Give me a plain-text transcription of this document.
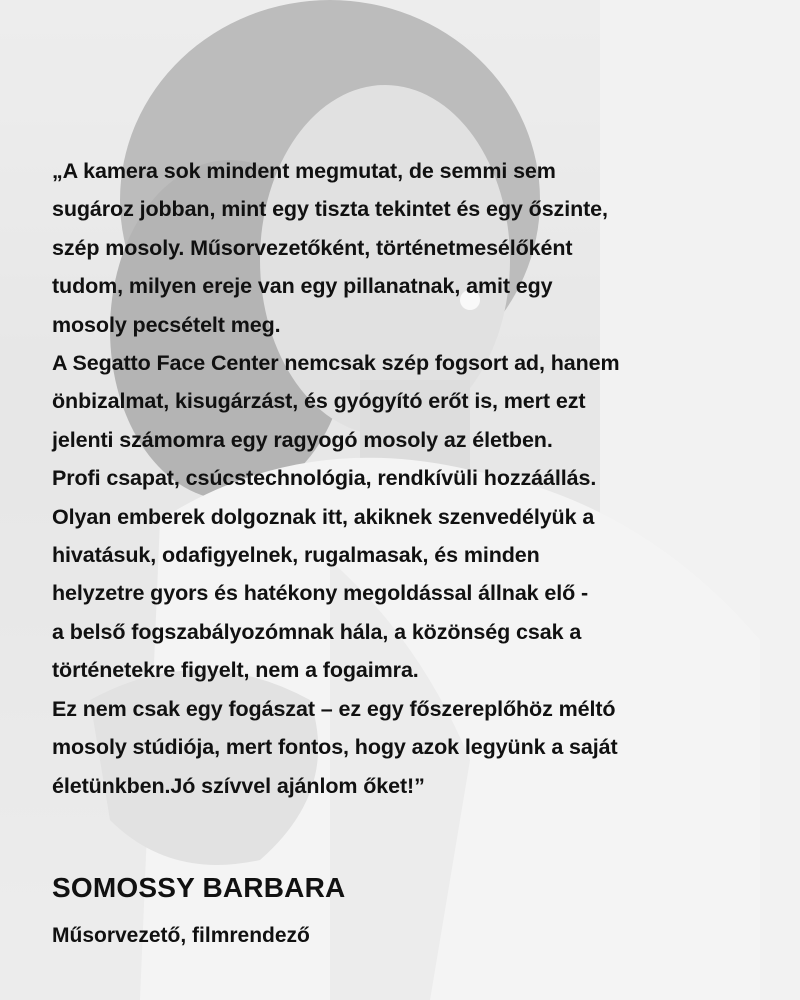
„A kamera sok mindent megmutat, de semmi sem
sugároz jobban, mint egy tiszta tekintet és egy őszinte,
szép mosoly. Műsorvezetőként, történetmesélőként
tudom, milyen ereje van egy pillanatnak, amit egy
mosoly pecsételt meg.
A Segatto Face Center nemcsak szép fogsort ad, hanem
önbizalmat, kisugárzást, és gyógyító erőt is, mert ezt
jelenti számomra egy ragyogó mosoly az életben.
Profi csapat, csúcstechnológia, rendkívüli hozzáállás.
Olyan emberek dolgoznak itt, akiknek szenvedélyük a
hivatásuk, odafigyelnek, rugalmasak, és minden
helyzetre gyors és hatékony megoldással állnak elő -
a belső fogszabályozómnak hála, a közönség csak a
történetekre figyelt, nem a fogaimra.
Ez nem csak egy fogászat – ez egy főszereplőhöz méltó
mosoly stúdiója, mert fontos, hogy azok legyünk a saját
életünkben.Jó szívvel ajánlom őket!”

SOMOSSY BARBARA

Műsorvezető, filmrendező
